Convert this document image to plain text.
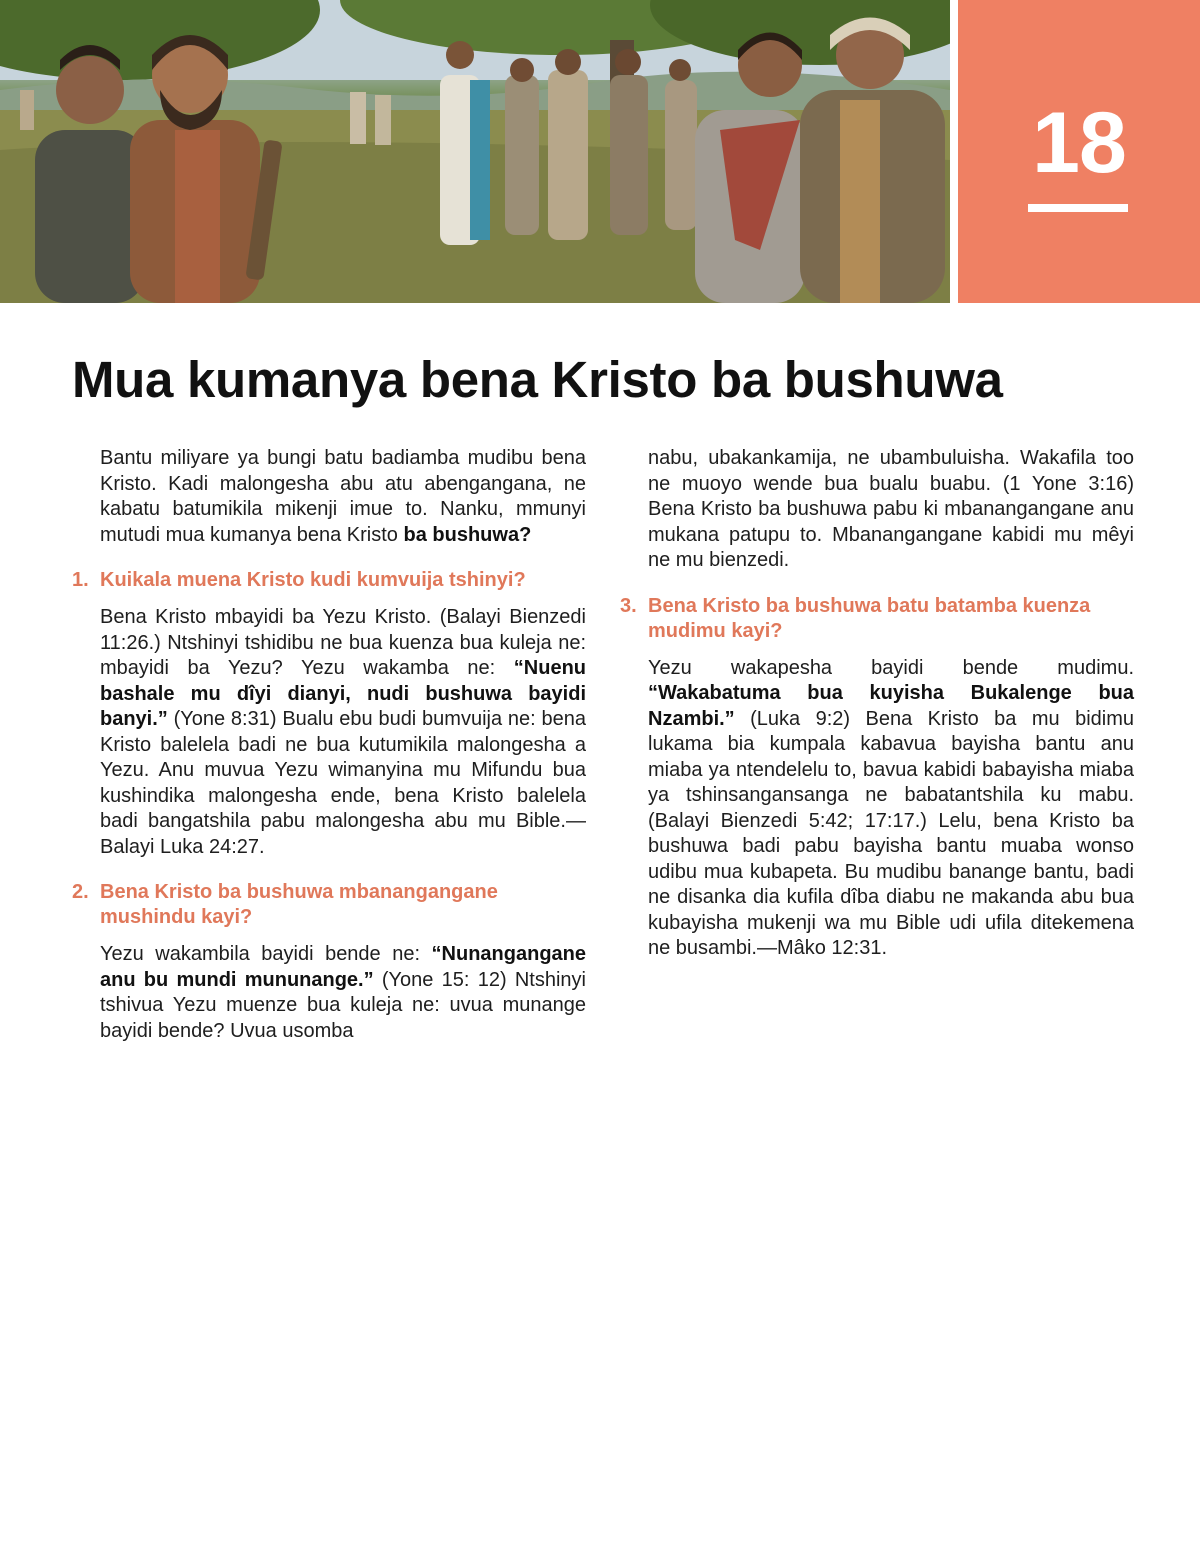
18
Mua kumanya bena Kristo ba bushuwa

Bantu miliyare ya bungi batu badiamba mudibu bena Kristo. Kadi malongesha abu atu abengangana, ne kabatu batumikila mikenji imue to. Nanku, mmunyi mutudi mua kumanya bena Kristo ba bushuwa?

1. Kuikala muena Kristo kudi kumvuija tshinyi?

Bena Kristo mbayidi ba Yezu Kristo. (Balayi Bienzedi 11:26.) Ntshinyi tshidibu ne bua kuenza bua kuleja ne: mbayidi ba Yezu? Yezu wakamba ne: “Nuenu bashale mu dîyi dianyi, nudi bushuwa bayidi banyi.” (Yone 8:31) Bualu ebu budi bumvuija ne: bena Kristo balelela badi ne bua kutumikila malongesha a Yezu. Anu muvua Yezu wimanyina mu Mifundu bua kushindika malongesha ende, bena Kristo balelela badi bangatshila pabu malongesha abu mu Bible.—Balayi Luka 24:27.

2. Bena Kristo ba bushuwa mbanangangane mushindu kayi?

Yezu wakambila bayidi bende ne: “Nunangangane anu bu mundi mununange.” (Yone 15: 12) Ntshinyi tshivua Yezu muenze bua kuleja ne: uvua munange bayidi bende? Uvua usomba

nabu, ubakankamija, ne ubambuluisha. Wakafila too ne muoyo wende bua bualu buabu. (1 Yone 3:16) Bena Kristo ba bushuwa pabu ki mbanangangane anu mukana patupu to. Mbanangangane kabidi mu mêyi ne mu bienzedi.

3. Bena Kristo ba bushuwa batu batamba kuenza mudimu kayi?

Yezu wakapesha bayidi bende mudimu. “Wakabatuma bua kuyisha Bukalenge bua Nzambi.” (Luka 9:2) Bena Kristo ba mu bidimu lukama bia kumpala kabavua bayisha bantu anu miaba ya ntendelelu to, bavua kabidi babayisha miaba ya tshinsangansanga ne babatantshila ku mabu. (Balayi Bienzedi 5:42; 17:17.) Lelu, bena Kristo ba bushuwa badi pabu bayisha bantu muaba wonso udibu mua kubapeta. Bu mudibu banange bantu, badi ne disanka dia kufila dîba diabu ne makanda abu bua kubayisha mukenji wa mu Bible udi ufila ditekemena ne busambi.—Mâko 12:31.
